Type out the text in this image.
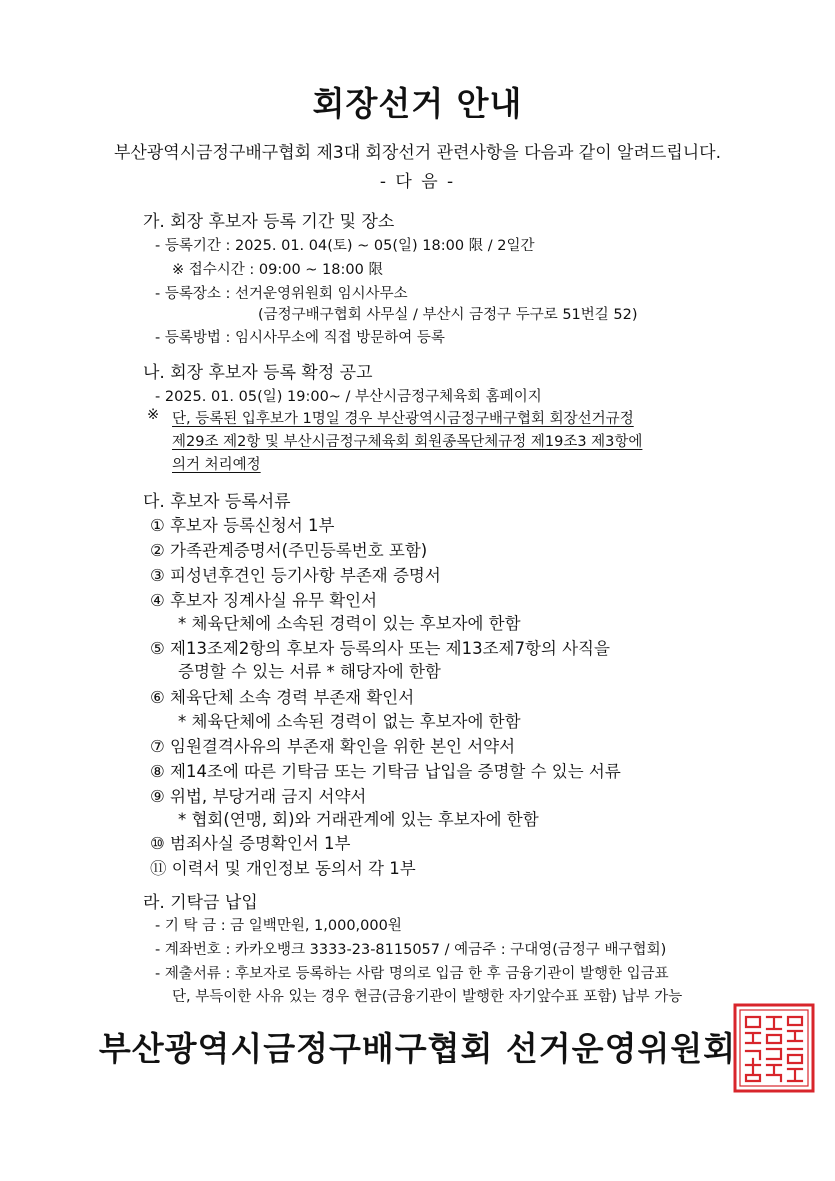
회장선거 안내
부산광역시금정구배구협회 제3대 회장선거 관련사항을 다음과 같이 알려드립니다.
- 다 음 -
가. 회장 후보자 등록 기간 및 장소
- 등록기간 : 2025. 01. 04(토) ~ 05(일) 18:00 限 / 2일간
※ 접수시간 : 09:00 ~ 18:00 限
- 등록장소 : 선거운영위원회 임시사무소
(금정구배구협회 사무실 / 부산시 금정구 두구로 51번길 52)
- 등록방법 : 임시사무소에 직접 방문하여 등록
나. 회장 후보자 등록 확정 공고
- 2025. 01. 05(일) 19:00~ / 부산시금정구체육회 홈페이지
※ 단, 등록된 입후보가 1명일 경우 부산광역시금정구배구협회 회장선거규정
제29조 제2항 및 부산시금정구체육회 회원종목단체규정 제19조3 제3항에
의거 처리예정
다. 후보자 등록서류
① 후보자 등록신청서 1부
② 가족관계증명서(주민등록번호 포함)
③ 피성년후견인 등기사항 부존재 증명서
④ 후보자 징계사실 유무 확인서
* 체육단체에 소속된 경력이 있는 후보자에 한함
⑤ 제13조제2항의 후보자 등록의사 또는 제13조제7항의 사직을
증명할 수 있는 서류 * 해당자에 한함
⑥ 체육단체 소속 경력 부존재 확인서
* 체육단체에 소속된 경력이 없는 후보자에 한함
⑦ 임원결격사유의 부존재 확인을 위한 본인 서약서
⑧ 제14조에 따른 기탁금 또는 기탁금 납입을 증명할 수 있는 서류
⑨ 위법, 부당거래 금지 서약서
* 협회(연맹, 회)와 거래관계에 있는 후보자에 한함
⑩ 범죄사실 증명확인서 1부
⑪ 이력서 및 개인정보 동의서 각 1부
라. 기탁금 납입
- 기 탁 금 : 금 일백만원, 1,000,000원
- 계좌번호 : 카카오뱅크 3333-23-8115057 / 예금주 : 구대영(금정구 배구협회)
- 제출서류 : 후보자로 등록하는 사람 명의로 입금 한 후 금융기관이 발행한 입금표
단, 부득이한 사유 있는 경우 현금(금융기관이 발행한 자기앞수표 포함) 납부 가능
부산광역시금정구배구협회 선거운영위원회
